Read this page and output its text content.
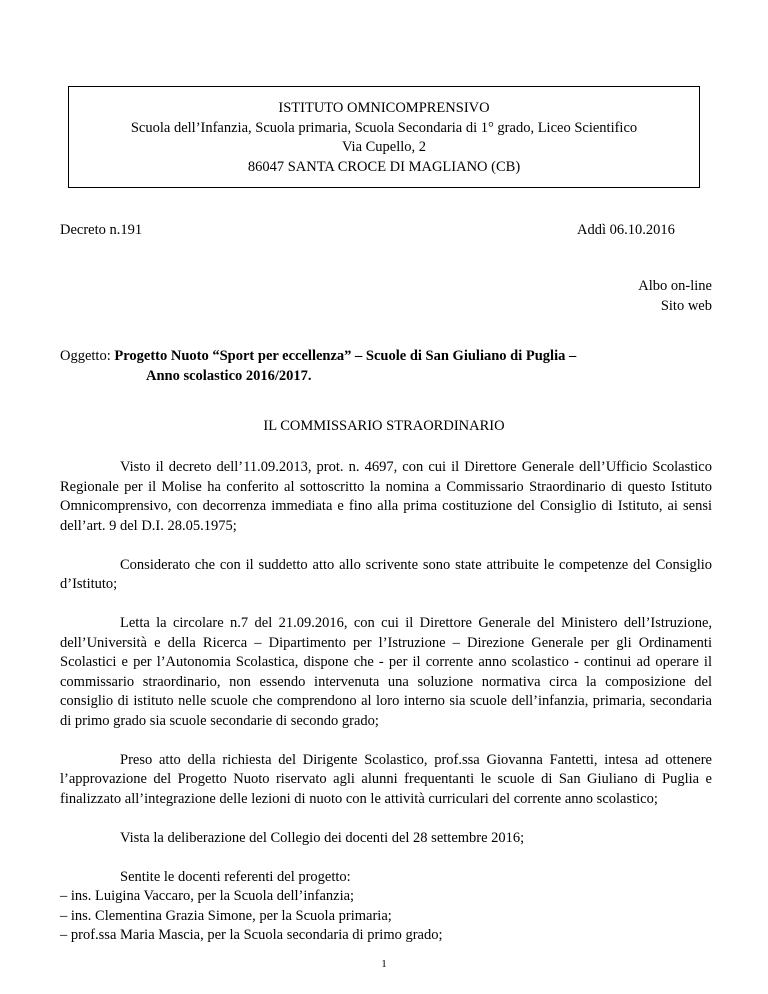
ISTITUTO OMNICOMPRENSIVO
Scuola dell’Infanzia, Scuola primaria, Scuola Secondaria di 1° grado, Liceo Scientifico
Via Cupello, 2
86047 SANTA CROCE DI MAGLIANO (CB)
Decreto n.191	Addì 06.10.2016
Albo on-line
Sito web
Oggetto: Progetto Nuoto “Sport per eccellenza” – Scuole di San Giuliano di Puglia –
Anno scolastico 2016/2017.
IL COMMISSARIO STRAORDINARIO

Visto il decreto dell’11.09.2013, prot. n. 4697, con cui il Direttore Generale dell’Ufficio Scolastico Regionale per il Molise ha conferito al sottoscritto la nomina a Commissario Straordinario di questo Istituto Omnicomprensivo, con decorrenza immediata e fino alla prima costituzione del Consiglio di Istituto, ai sensi dell’art. 9 del D.I. 28.05.1975;

Considerato che con il suddetto atto allo scrivente sono state attribuite le competenze del Consiglio d’Istituto;

Letta la circolare n.7 del 21.09.2016, con cui il Direttore Generale del Ministero dell’Istruzione, dell’Università e della Ricerca – Dipartimento per l’Istruzione – Direzione Generale per gli Ordinamenti Scolastici e per l’Autonomia Scolastica, dispone che - per il corrente anno scolastico - continui ad operare il commissario straordinario, non essendo intervenuta una soluzione normativa circa la composizione del consiglio di istituto nelle scuole che comprendono al loro interno sia scuole dell’infanzia, primaria, secondaria di primo grado sia scuole secondarie di secondo grado;

Preso atto della richiesta del Dirigente Scolastico, prof.ssa Giovanna Fantetti, intesa ad ottenere l’approvazione del Progetto Nuoto riservato agli alunni frequentanti le scuole di San Giuliano di Puglia e finalizzato all’integrazione delle lezioni di nuoto con le attività curriculari del corrente anno scolastico;

Vista la deliberazione del Collegio dei docenti del 28 settembre 2016;

Sentite le docenti referenti del progetto:

– ins. Luigina Vaccaro, per la Scuola dell’infanzia;
– ins. Clementina Grazia Simone, per la Scuola primaria;
– prof.ssa Maria Mascia, per la Scuola secondaria di primo grado;
1
